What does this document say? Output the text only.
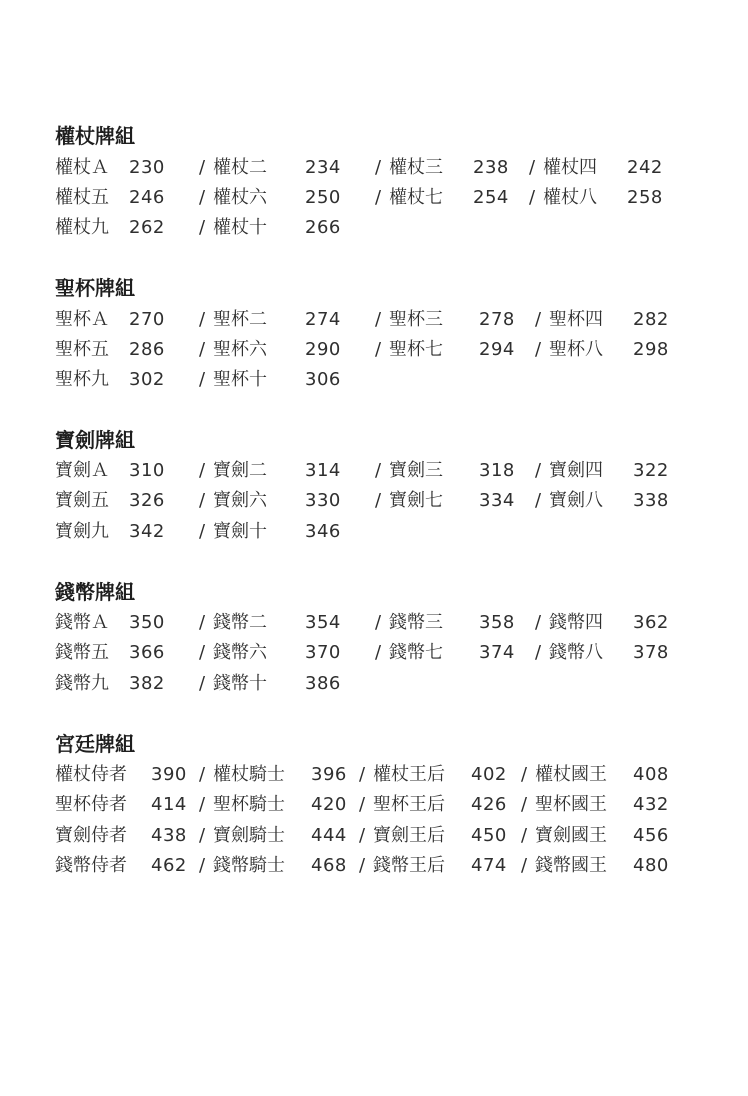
權杖牌組
權杖Ａ 230 / 權杖二 234 / 權杖三 238 / 權杖四 242
權杖五 246 / 權杖六 250 / 權杖七 254 / 權杖八 258
權杖九 262 / 權杖十 266
聖杯牌組
聖杯Ａ 270 / 聖杯二 274 / 聖杯三 278 / 聖杯四 282
聖杯五 286 / 聖杯六 290 / 聖杯七 294 / 聖杯八 298
聖杯九 302 / 聖杯十 306
寶劍牌組
寶劍Ａ 310 / 寶劍二 314 / 寶劍三 318 / 寶劍四 322
寶劍五 326 / 寶劍六 330 / 寶劍七 334 / 寶劍八 338
寶劍九 342 / 寶劍十 346
錢幣牌組
錢幣Ａ 350 / 錢幣二 354 / 錢幣三 358 / 錢幣四 362
錢幣五 366 / 錢幣六 370 / 錢幣七 374 / 錢幣八 378
錢幣九 382 / 錢幣十 386
宮廷牌組
權杖侍者 390 / 權杖騎士 396 / 權杖王后 402 / 權杖國王 408
聖杯侍者 414 / 聖杯騎士 420 / 聖杯王后 426 / 聖杯國王 432
寶劍侍者 438 / 寶劍騎士 444 / 寶劍王后 450 / 寶劍國王 456
錢幣侍者 462 / 錢幣騎士 468 / 錢幣王后 474 / 錢幣國王 480
